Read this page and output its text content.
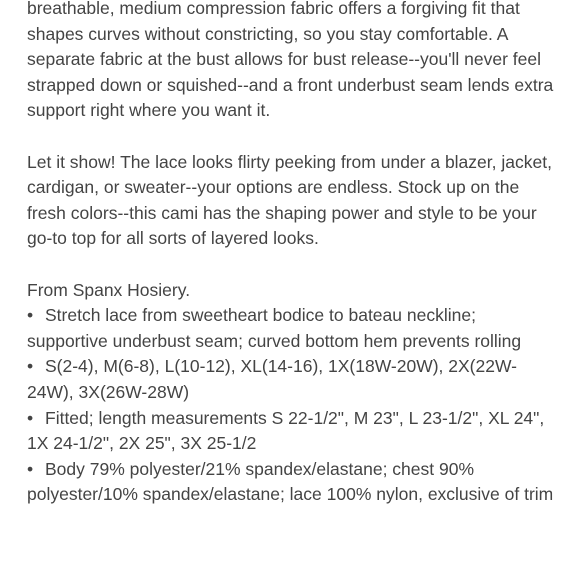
breathable, medium compression fabric offers a forgiving fit that shapes curves without constricting, so you stay comfortable. A separate fabric at the bust allows for bust release--you'll never feel strapped down or squished--and a front underbust seam lends extra support right where you want it.

Let it show! The lace looks flirty peeking from under a blazer, jacket, cardigan, or sweater--your options are endless. Stock up on the fresh colors--this cami has the shaping power and style to be your go-to top for all sorts of layered looks.

From Spanx Hosiery.

• Stretch lace from sweetheart bodice to bateau neckline; supportive underbust seam; curved bottom hem prevents rolling
• S(2-4), M(6-8), L(10-12), XL(14-16), 1X(18W-20W), 2X(22W-24W), 3X(26W-28W)
• Fitted; length measurements S 22-1/2", M 23", L 23-1/2", XL 24", 1X 24-1/2", 2X 25", 3X 25-1/2
• Body 79% polyester/21% spandex/elastane; chest 90% polyester/10% spandex/elastane; lace 100% nylon, exclusive of trim
